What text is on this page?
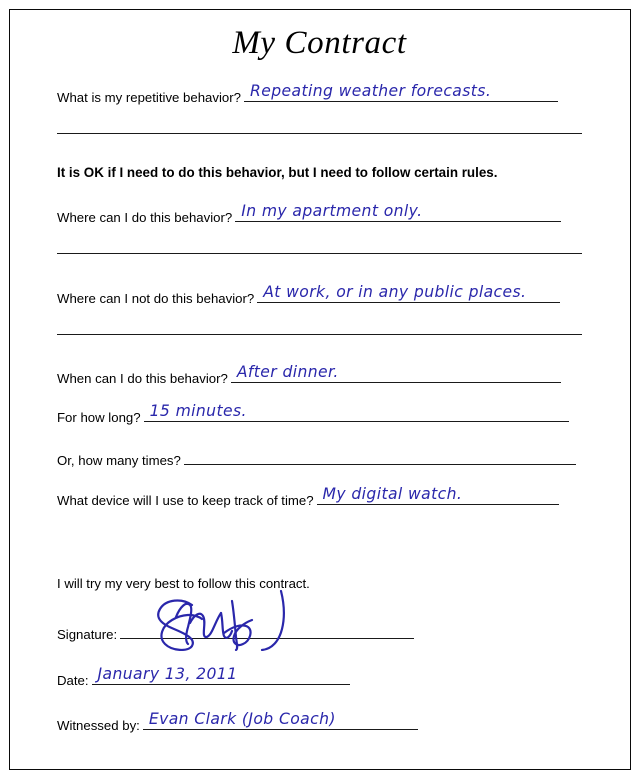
My Contract
What is my repetitive behavior? Repeating weather forecasts.
It is OK if I need to do this behavior, but I need to follow certain rules.
Where can I do this behavior? In my apartment only.
Where can I not do this behavior? At work, or in any public places.
When can I do this behavior? After dinner.
For how long? 15 minutes.
Or, how many times?
What device will I use to keep track of time? My digital watch.
I will try my very best to follow this contract.
Signature:
Date: January 13, 2011
Witnessed by: Evan Clark (Job Coach)
